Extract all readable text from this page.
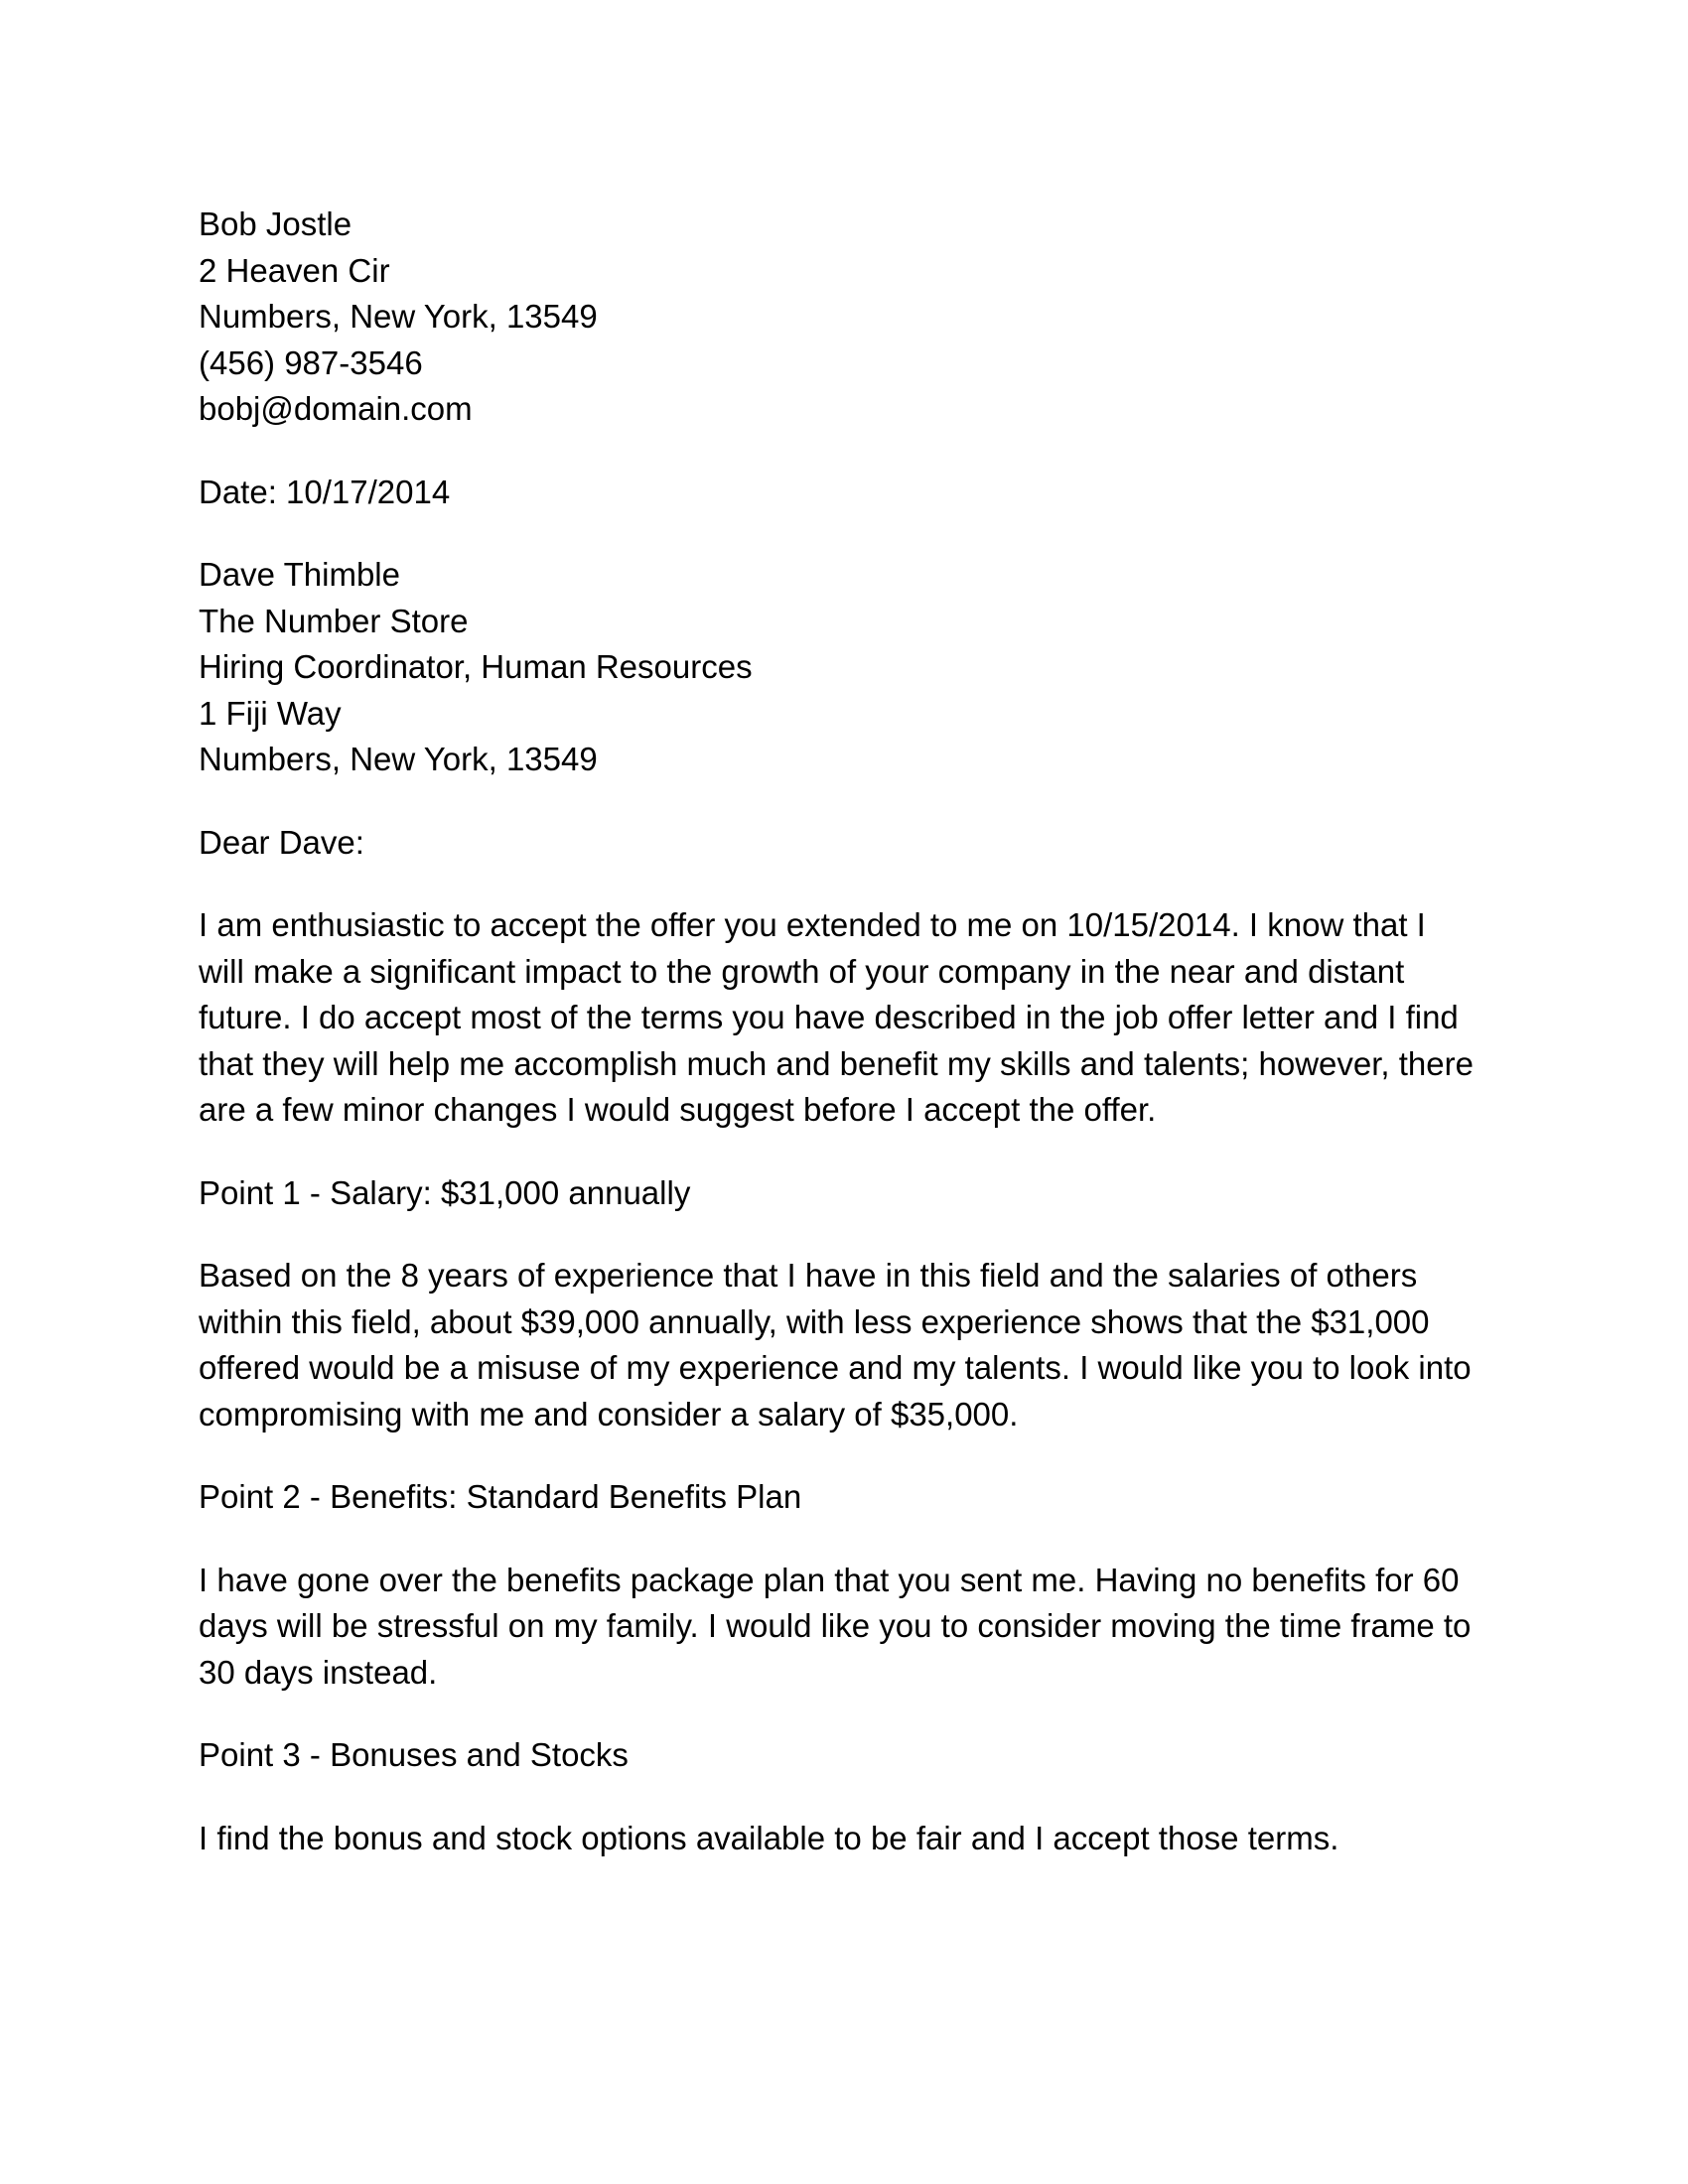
Bob Jostle
2 Heaven Cir
Numbers, New York, 13549
(456) 987-3546
bobj@domain.com
Date: 10/17/2014
Dave Thimble
The Number Store
Hiring Coordinator, Human Resources
1 Fiji Way
Numbers, New York, 13549
Dear Dave:
I am enthusiastic to accept the offer you extended to me on 10/15/2014. I know that I
will make a significant impact to the growth of your company in the near and distant
future. I do accept most of the terms you have described in the job offer letter and I find
that they will help me accomplish much and benefit my skills and talents; however, there
are a few minor changes I would suggest before I accept the offer.
Point 1 - Salary: $31,000 annually
Based on the 8 years of experience that I have in this field and the salaries of others
within this field, about $39,000 annually, with less experience shows that the $31,000
offered would be a misuse of my experience and my talents. I would like you to look into
compromising with me and consider a salary of $35,000.
Point 2 - Benefits: Standard Benefits Plan
I have gone over the benefits package plan that you sent me. Having no benefits for 60
days will be stressful on my family. I would like you to consider moving the time frame to
30 days instead.
Point 3 - Bonuses and Stocks
I find the bonus and stock options available to be fair and I accept those terms.
